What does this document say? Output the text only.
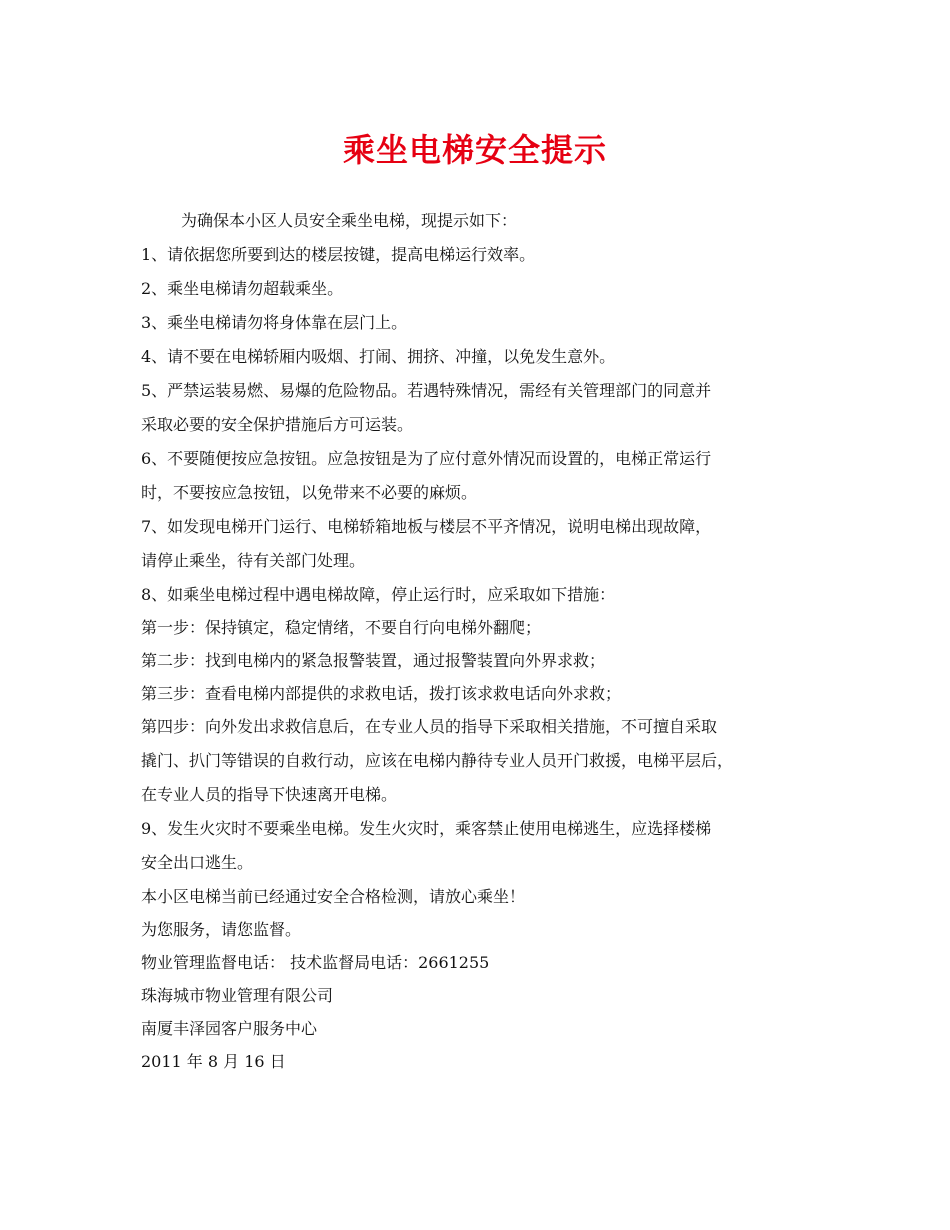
乘坐电梯安全提示

为确保本小区人员安全乘坐电梯，现提示如下：

1、请依据您所要到达的楼层按键，提高电梯运行效率。

2、乘坐电梯请勿超载乘坐。

3、乘坐电梯请勿将身体靠在层门上。

4、请不要在电梯轿厢内吸烟、打闹、拥挤、冲撞，以免发生意外。

5、严禁运装易燃、易爆的危险物品。若遇特殊情况，需经有关管理部门的同意并

采取必要的安全保护措施后方可运装。

6、不要随便按应急按钮。应急按钮是为了应付意外情况而设置的，电梯正常运行

时，不要按应急按钮，以免带来不必要的麻烦。

7、如发现电梯开门运行、电梯轿箱地板与楼层不平齐情况，说明电梯出现故障，

请停止乘坐，待有关部门处理。

8、如乘坐电梯过程中遇电梯故障，停止运行时，应采取如下措施：

第一步：保持镇定，稳定情绪，不要自行向电梯外翻爬；

第二步：找到电梯内的紧急报警装置，通过报警装置向外界求救；

第三步：查看电梯内部提供的求救电话，拨打该求救电话向外求救；

第四步：向外发出求救信息后，在专业人员的指导下采取相关措施，不可擅自采取

撬门、扒门等错误的自救行动，应该在电梯内静待专业人员开门救援，电梯平层后，

在专业人员的指导下快速离开电梯。

9、发生火灾时不要乘坐电梯。发生火灾时，乘客禁止使用电梯逃生，应选择楼梯

安全出口逃生。

本小区电梯当前已经通过安全合格检测，请放心乘坐！

为您服务，请您监督。

物业管理监督电话： 技术监督局电话：2661255

珠海城市物业管理有限公司

南厦丰泽园客户服务中心

2011 年 8 月 16 日
